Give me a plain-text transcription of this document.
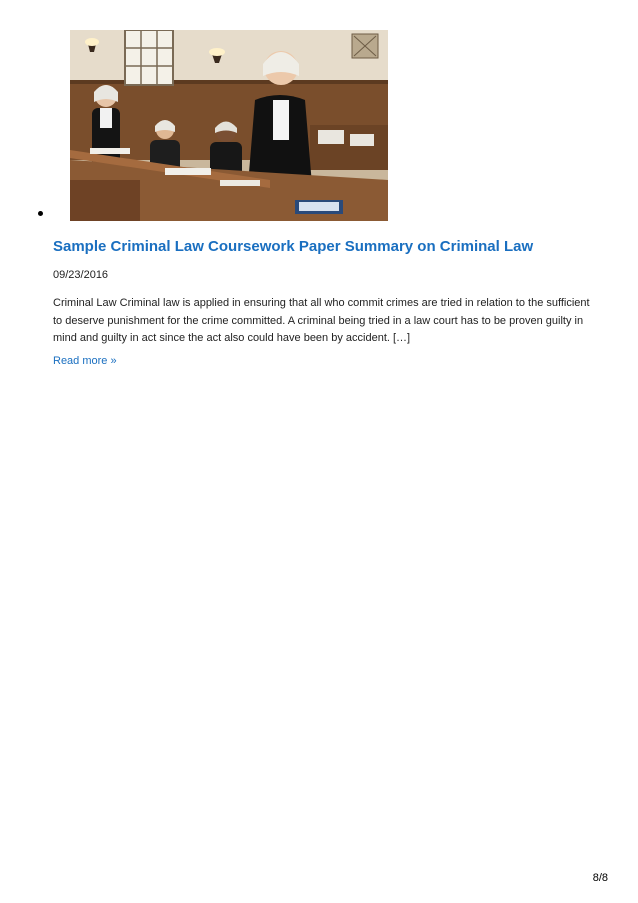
Sample Criminal Law Coursework Paper Summary on Criminal Law
09/23/2016

Criminal Law Criminal law is applied in ensuring that all who commit crimes are tried in relation to the sufficient to deserve punishment for the crime committed. A criminal being tried in a law court has to be proven guilty in mind and guilty in act since the act also could have been by accident. […]

Read more »
8/8
